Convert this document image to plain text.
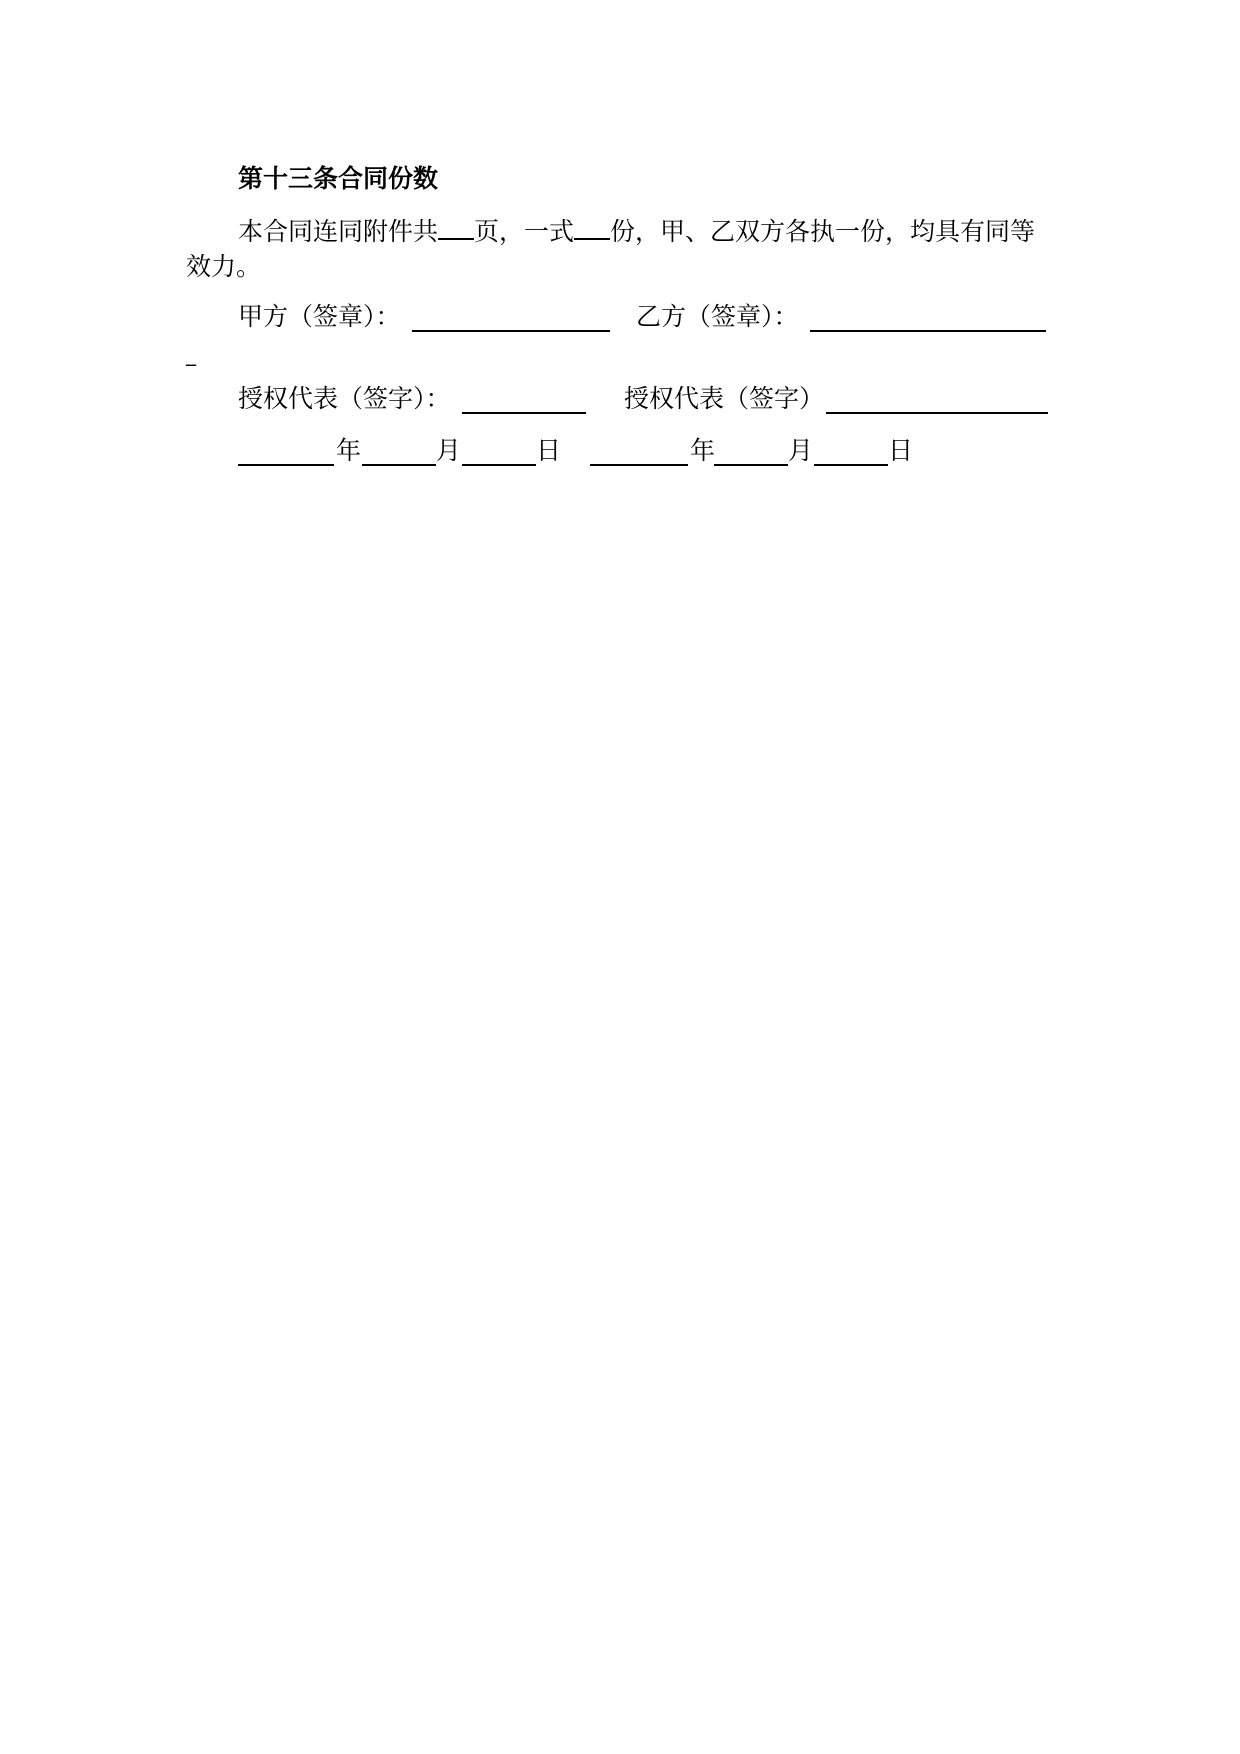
第十三条合同份数
本合同连同附件共 页，一式 份，甲、乙双方各执一份，均具有同等
效力。
甲方（签章）：	乙方（签章）：
_
授权代表（签字）：	授权代表（签字）
年	月	日	年	月	日
